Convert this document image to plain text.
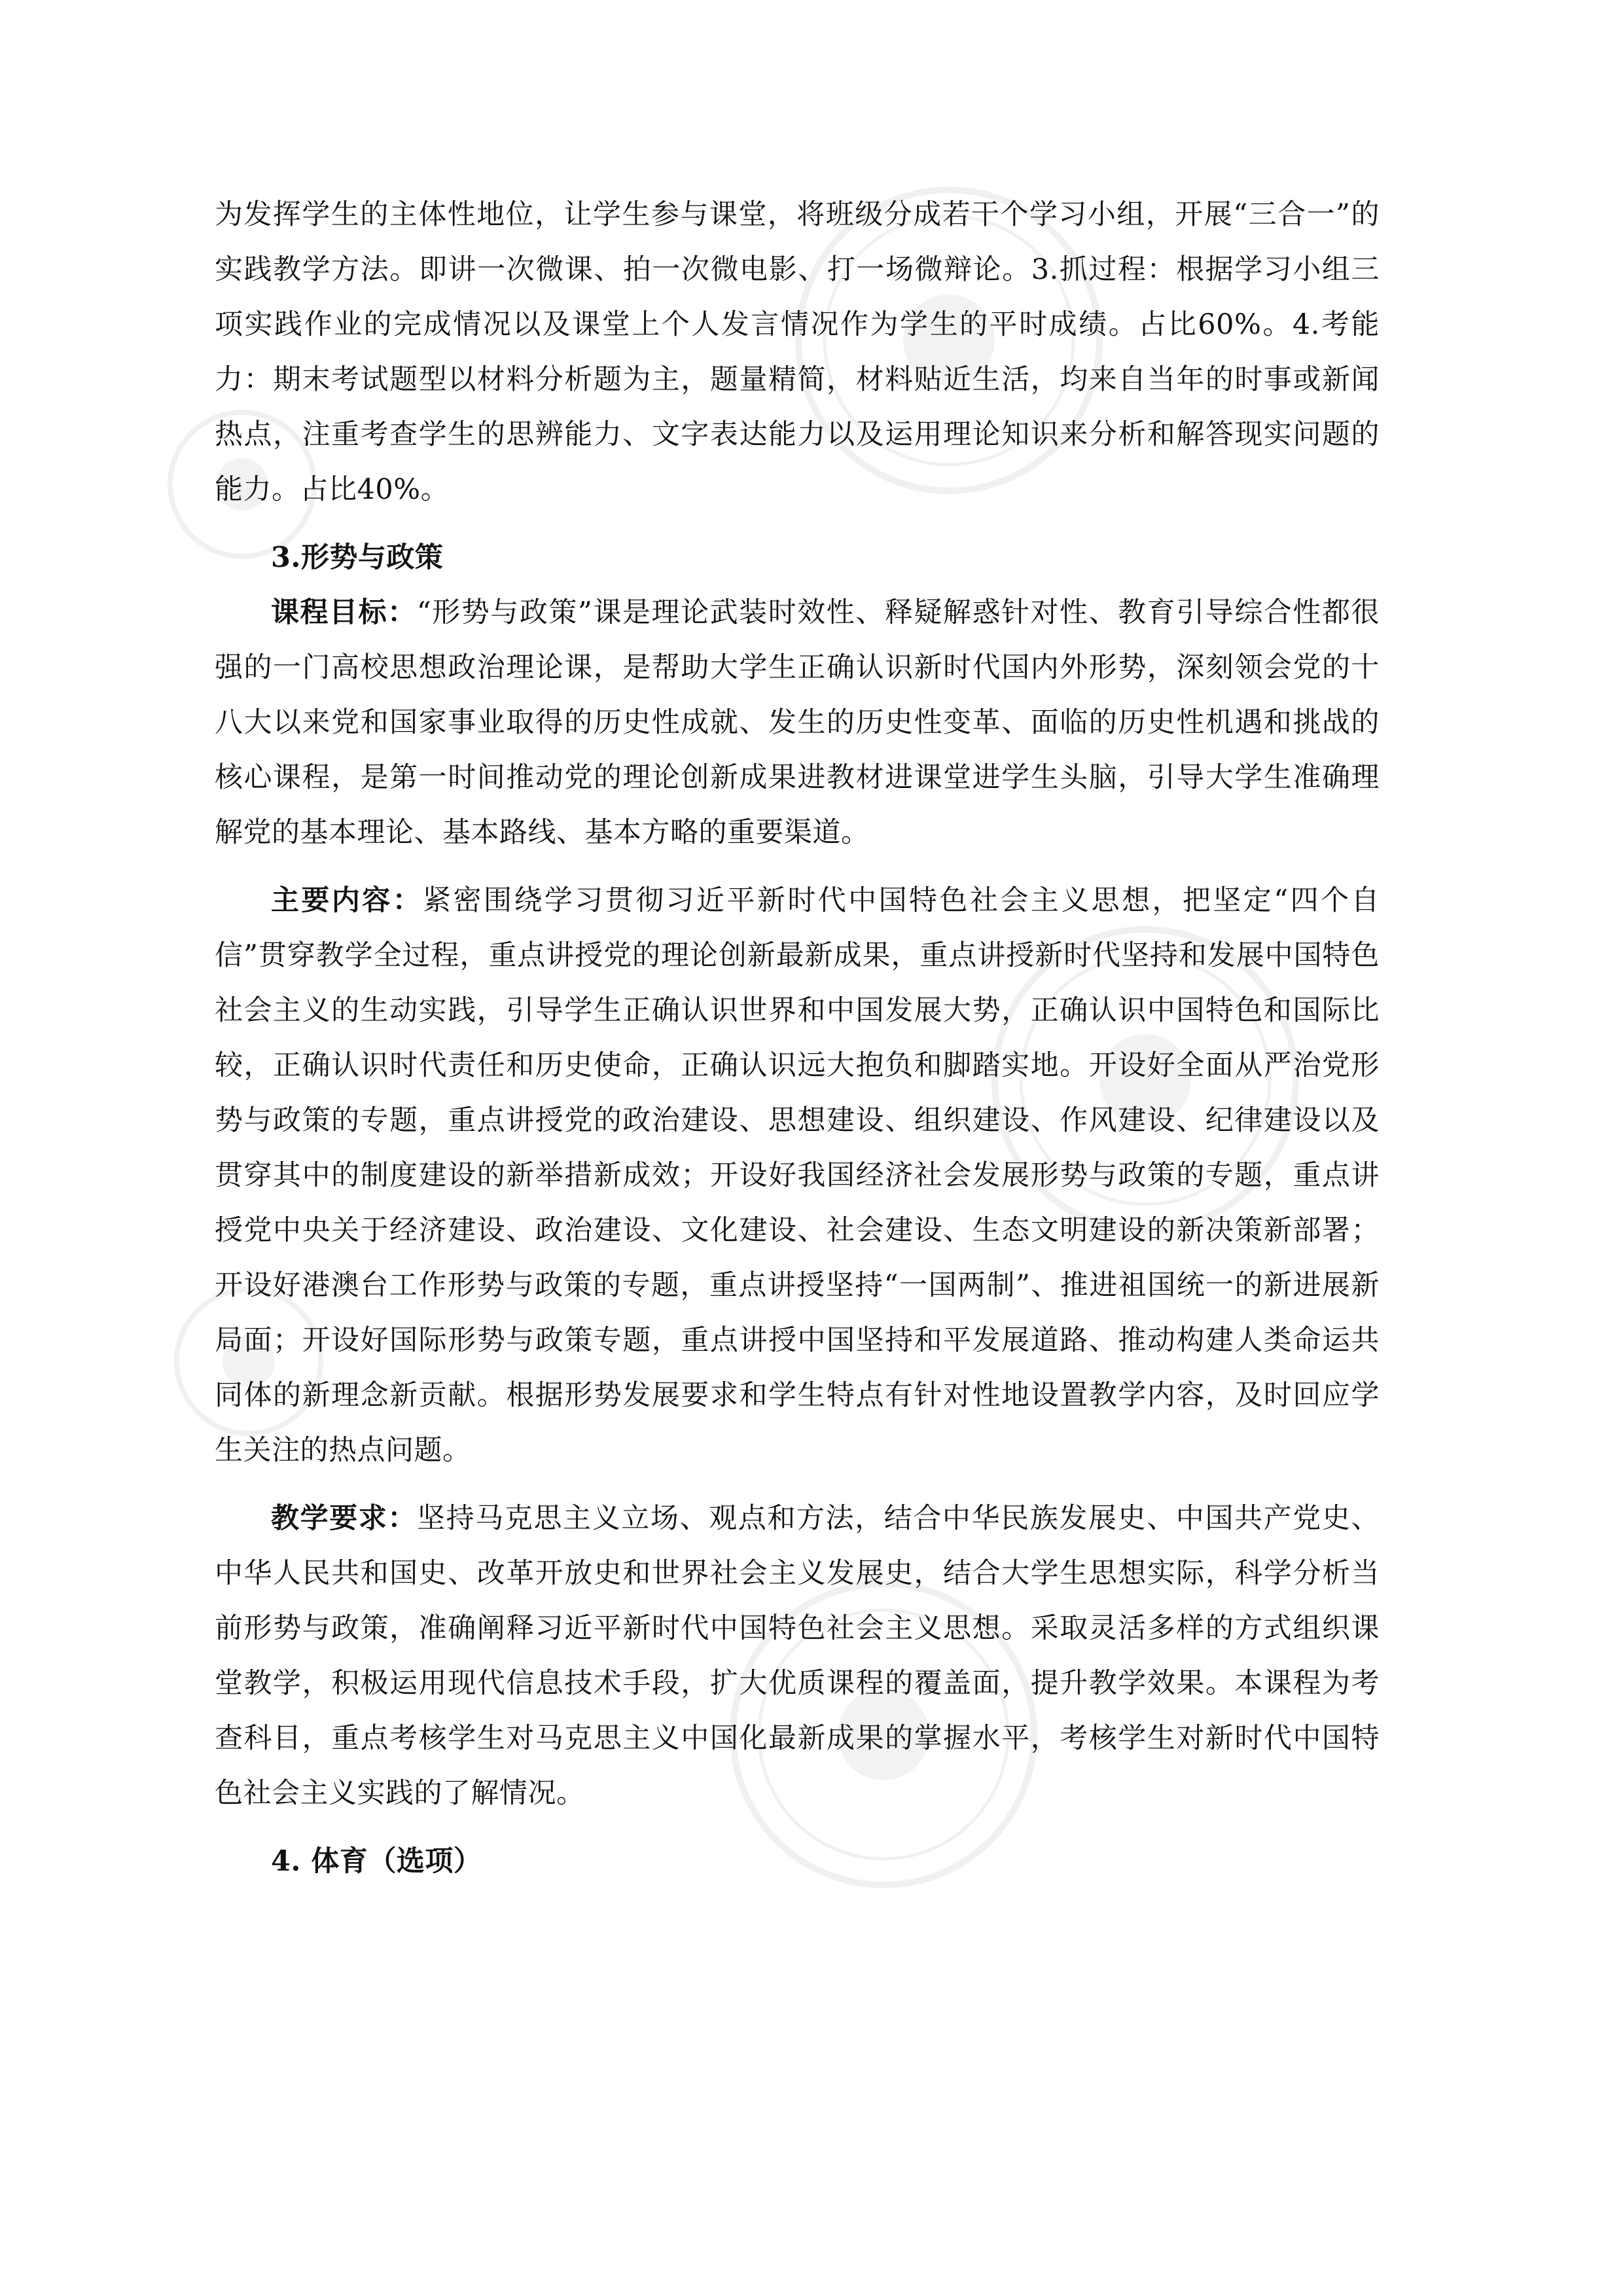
为发挥学生的主体性地位，让学生参与课堂，将班级分成若干个学习小组，开展“三合一”的实践教学方法。即讲一次微课、拍一次微电影、打一场微辩论。3.抓过程：根据学习小组三项实践作业的完成情况以及课堂上个人发言情况作为学生的平时成绩。占比60%。4.考能力：期末考试题型以材料分析题为主，题量精简，材料贴近生活，均来自当年的时事或新闻热点，注重考查学生的思辨能力、文字表达能力以及运用理论知识来分析和解答现实问题的能力。占比40%。

3.形势与政策

课程目标：“形势与政策”课是理论武装时效性、释疑解惑针对性、教育引导综合性都很强的一门高校思想政治理论课，是帮助大学生正确认识新时代国内外形势，深刻领会党的十八大以来党和国家事业取得的历史性成就、发生的历史性变革、面临的历史性机遇和挑战的核心课程，是第一时间推动党的理论创新成果进教材进课堂进学生头脑，引导大学生准确理解党的基本理论、基本路线、基本方略的重要渠道。

主要内容：紧密围绕学习贯彻习近平新时代中国特色社会主义思想，把坚定“四个自信”贯穿教学全过程，重点讲授党的理论创新最新成果，重点讲授新时代坚持和发展中国特色社会主义的生动实践，引导学生正确认识世界和中国发展大势，正确认识中国特色和国际比较，正确认识时代责任和历史使命，正确认识远大抱负和脚踏实地。开设好全面从严治党形势与政策的专题，重点讲授党的政治建设、思想建设、组织建设、作风建设、纪律建设以及贯穿其中的制度建设的新举措新成效；开设好我国经济社会发展形势与政策的专题，重点讲授党中央关于经济建设、政治建设、文化建设、社会建设、生态文明建设的新决策新部署；开设好港澳台工作形势与政策的专题，重点讲授坚持“一国两制”、推进祖国统一的新进展新局面；开设好国际形势与政策专题，重点讲授中国坚持和平发展道路、推动构建人类命运共同体的新理念新贡献。根据形势发展要求和学生特点有针对性地设置教学内容，及时回应学生关注的热点问题。

教学要求：坚持马克思主义立场、观点和方法，结合中华民族发展史、中国共产党史、中华人民共和国史、改革开放史和世界社会主义发展史，结合大学生思想实际，科学分析当前形势与政策，准确阐释习近平新时代中国特色社会主义思想。采取灵活多样的方式组织课堂教学，积极运用现代信息技术手段，扩大优质课程的覆盖面，提升教学效果。本课程为考查科目，重点考核学生对马克思主义中国化最新成果的掌握水平，考核学生对新时代中国特色社会主义实践的了解情况。

4. 体育（选项）
